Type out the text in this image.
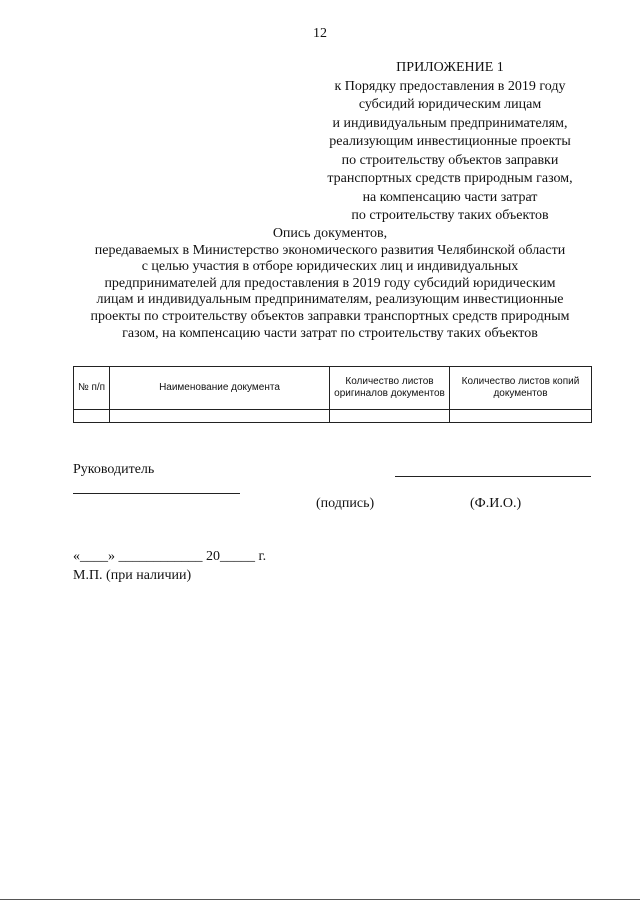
12
ПРИЛОЖЕНИЕ 1
к Порядку предоставления в 2019 году
субсидий юридическим лицам
и индивидуальным предпринимателям,
реализующим инвестиционные проекты
по строительству объектов заправки
транспортных средств природным газом,
на компенсацию части затрат
по строительству таких объектов
Опись документов,
передаваемых в Министерство экономического развития Челябинской области
с целью участия в отборе юридических лиц и индивидуальных
предпринимателей для предоставления в 2019 году субсидий юридическим
лицам и индивидуальным предпринимателям, реализующим инвестиционные
проекты по строительству объектов заправки транспортных средств природным
газом, на компенсацию части затрат по строительству таких объектов
№ п/п	Наименование документа	Количество листов оригиналов документов	Количество листов копий документов

Руководитель
(подпись)	(Ф.И.О.)
«____» ____________ 20_____ г.
М.П. (при наличии)
